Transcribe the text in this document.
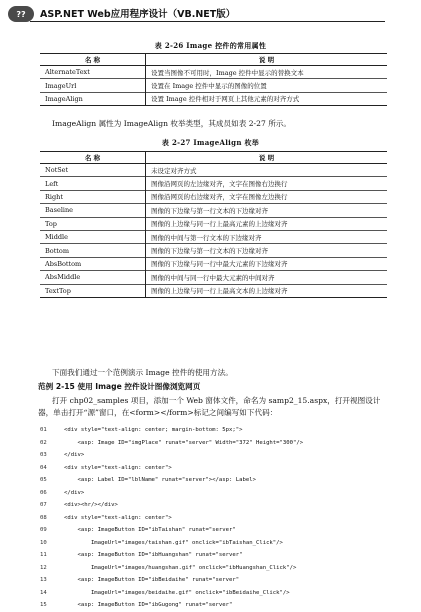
??	ASP.NET Web应用程序设计（VB.NET版）
表 2-26 Image 控件的常用属性
名 称	说 明
AlternateText	设置当图像不可用时，Image 控件中显示的替换文本
ImageUrl	设置在 Image 控件中显示的图像的位置
ImageAlign	设置 Image 控件相对于网页上其他元素的对齐方式
ImageAlign 属性为 ImageAlign 枚举类型，其成员如表 2-27 所示。
表 2-27 ImageAlign 枚举
名 称	说 明
NotSet	未设定对齐方式
Left	图像沿网页的左边缘对齐，文字在图像右边换行
Right	图像沿网页的右边缘对齐，文字在图像左边换行
Baseline	图像的下边缘与第一行文本的下边缘对齐
Top	图像的上边缘与同一行上最高元素的上边缘对齐
Middle	图像的中间与第一行文本的下边缘对齐
Bottom	图像的下边缘与第一行文本的下边缘对齐
AbsBottom	图像的下边缘与同一行中最大元素的下边缘对齐
AbsMiddle	图像的中间与同一行中最大元素的中间对齐
TextTop	图像的上边缘与同一行上最高文本的上边缘对齐
下面我们通过一个范例演示 Image 控件的使用方法。
范例 2-15 使用 Image 控件设计图像浏览网页
打开 chp02_samples 项目，添加一个 Web 窗体文件，命名为 samp2_15.aspx，打开视图设计器，单击打开“源”窗口，在<form></form>标记之间编写如下代码：
01	<div style="text-align: center; margin-bottom: 5px;">
02	<asp: Image ID="imgPlace" runat="server" Width="372" Height="300"/>
03	</div>
04	<div style="text-align: center">
05	<asp: Label ID="lblName" runat="server"></asp: Label>
06	</div>
07	<div><hr/></div>
08	<div style="text-align: center">
09	<asp: ImageButton ID="ibTaishan" runat="server"
10	ImageUrl="images/taishan.gif" onclick="ibTaishan_Click"/>
11	<asp: ImageButton ID="ibHuangshan" runat="server"
12	ImageUrl="images/huangshan.gif" onclick="ibHuangshan_Click"/>
13	<asp: ImageButton ID="ibBeidaihe" runat="server"
14	ImageUrl="images/beidaihe.gif" onclick="ibBeidaihe_Click"/>
15	<asp: ImageButton ID="ibGugong" runat="server"
